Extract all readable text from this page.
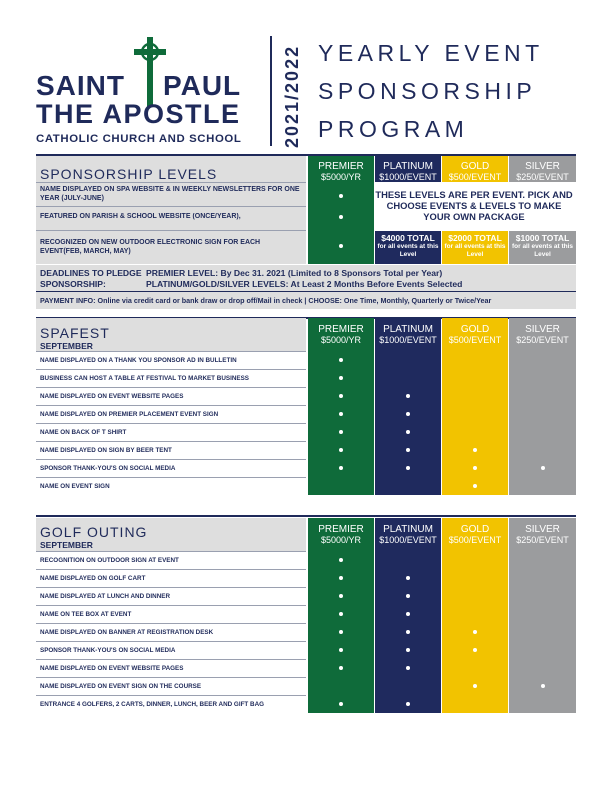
SAINT PAUL
THE APOSTLE
CATHOLIC CHURCH AND SCHOOL 2021/2022 YEARLY EVENT
SPONSORSHIP
PROGRAM
SPONSORSHIP LEVELS	PREMIER
$5000/YR
PLATINUM
$1000/EVENT
GOLD
$500/EVENT
SILVER
$250/EVENT
NAME DISPLAYED ON SPA WEBSITE & IN WEEKLY NEWSLETTERS FOR ONE YEAR (JULY-JUNE)
FEATURED ON PARISH & SCHOOL WEBSITE (ONCE/YEAR),
RECOGNIZED ON NEW OUTDOOR ELECTRONIC SIGN FOR EACH EVENT(FEB, MARCH, MAY)
THESE LEVELS ARE PER EVENT. PICK AND CHOOSE EVENTS & LEVELS TO MAKE YOUR OWN PACKAGE
$4000 TOTAL
for all events at this Level
$2000 TOTAL
for all events at this Level
$1000 TOTAL
for all events at this Level
DEADLINES TO PLEDGE
SPONSORSHIP:
PREMIER LEVEL: By Dec 31. 2021 (Limited to 8 Sponsors Total per Year)
PLATINUM/GOLD/SILVER LEVELS: At Least 2 Months Before Events Selected
PAYMENT INFO: Online via credit card or bank draw or drop off/Mail in check | CHOOSE: One Time, Monthly, Quarterly or Twice/Year
PREMIER
$5000/YR
PLATINUM
$1000/EVENT
GOLD
$500/EVENT
SILVER
$250/EVENT
NAME DISPLAYED ON A THANK YOU SPONSOR AD IN BULLETIN
BUSINESS CAN HOST A TABLE AT FESTIVAL TO MARKET BUSINESS
NAME DISPLAYED ON EVENT WEBSITE PAGES
NAME DISPLAYED ON PREMIER PLACEMENT EVENT SIGN
NAME ON BACK OF T SHIRT
NAME DISPLAYED ON SIGN BY BEER TENT
SPONSOR THANK-YOU'S ON SOCIAL MEDIA
NAME ON EVENT SIGN
SPAFEST
SEPTEMBER
PREMIER
$5000/YR
PLATINUM
$1000/EVENT
GOLD
$500/EVENT
SILVER
$250/EVENT
RECOGNITION ON OUTDOOR SIGN AT EVENT
NAME DISPLAYED ON GOLF CART
NAME DISPLAYED AT LUNCH AND DINNER
NAME ON TEE BOX AT EVENT
NAME DISPLAYED ON BANNER AT REGISTRATION DESK
SPONSOR THANK-YOU'S ON SOCIAL MEDIA
NAME DISPLAYED ON EVENT WEBSITE PAGES
NAME DISPLAYED ON EVENT SIGN ON THE COURSE
ENTRANCE 4 GOLFERS, 2 CARTS, DINNER, LUNCH, BEER AND GIFT BAG
GOLF OUTING
SEPTEMBER
